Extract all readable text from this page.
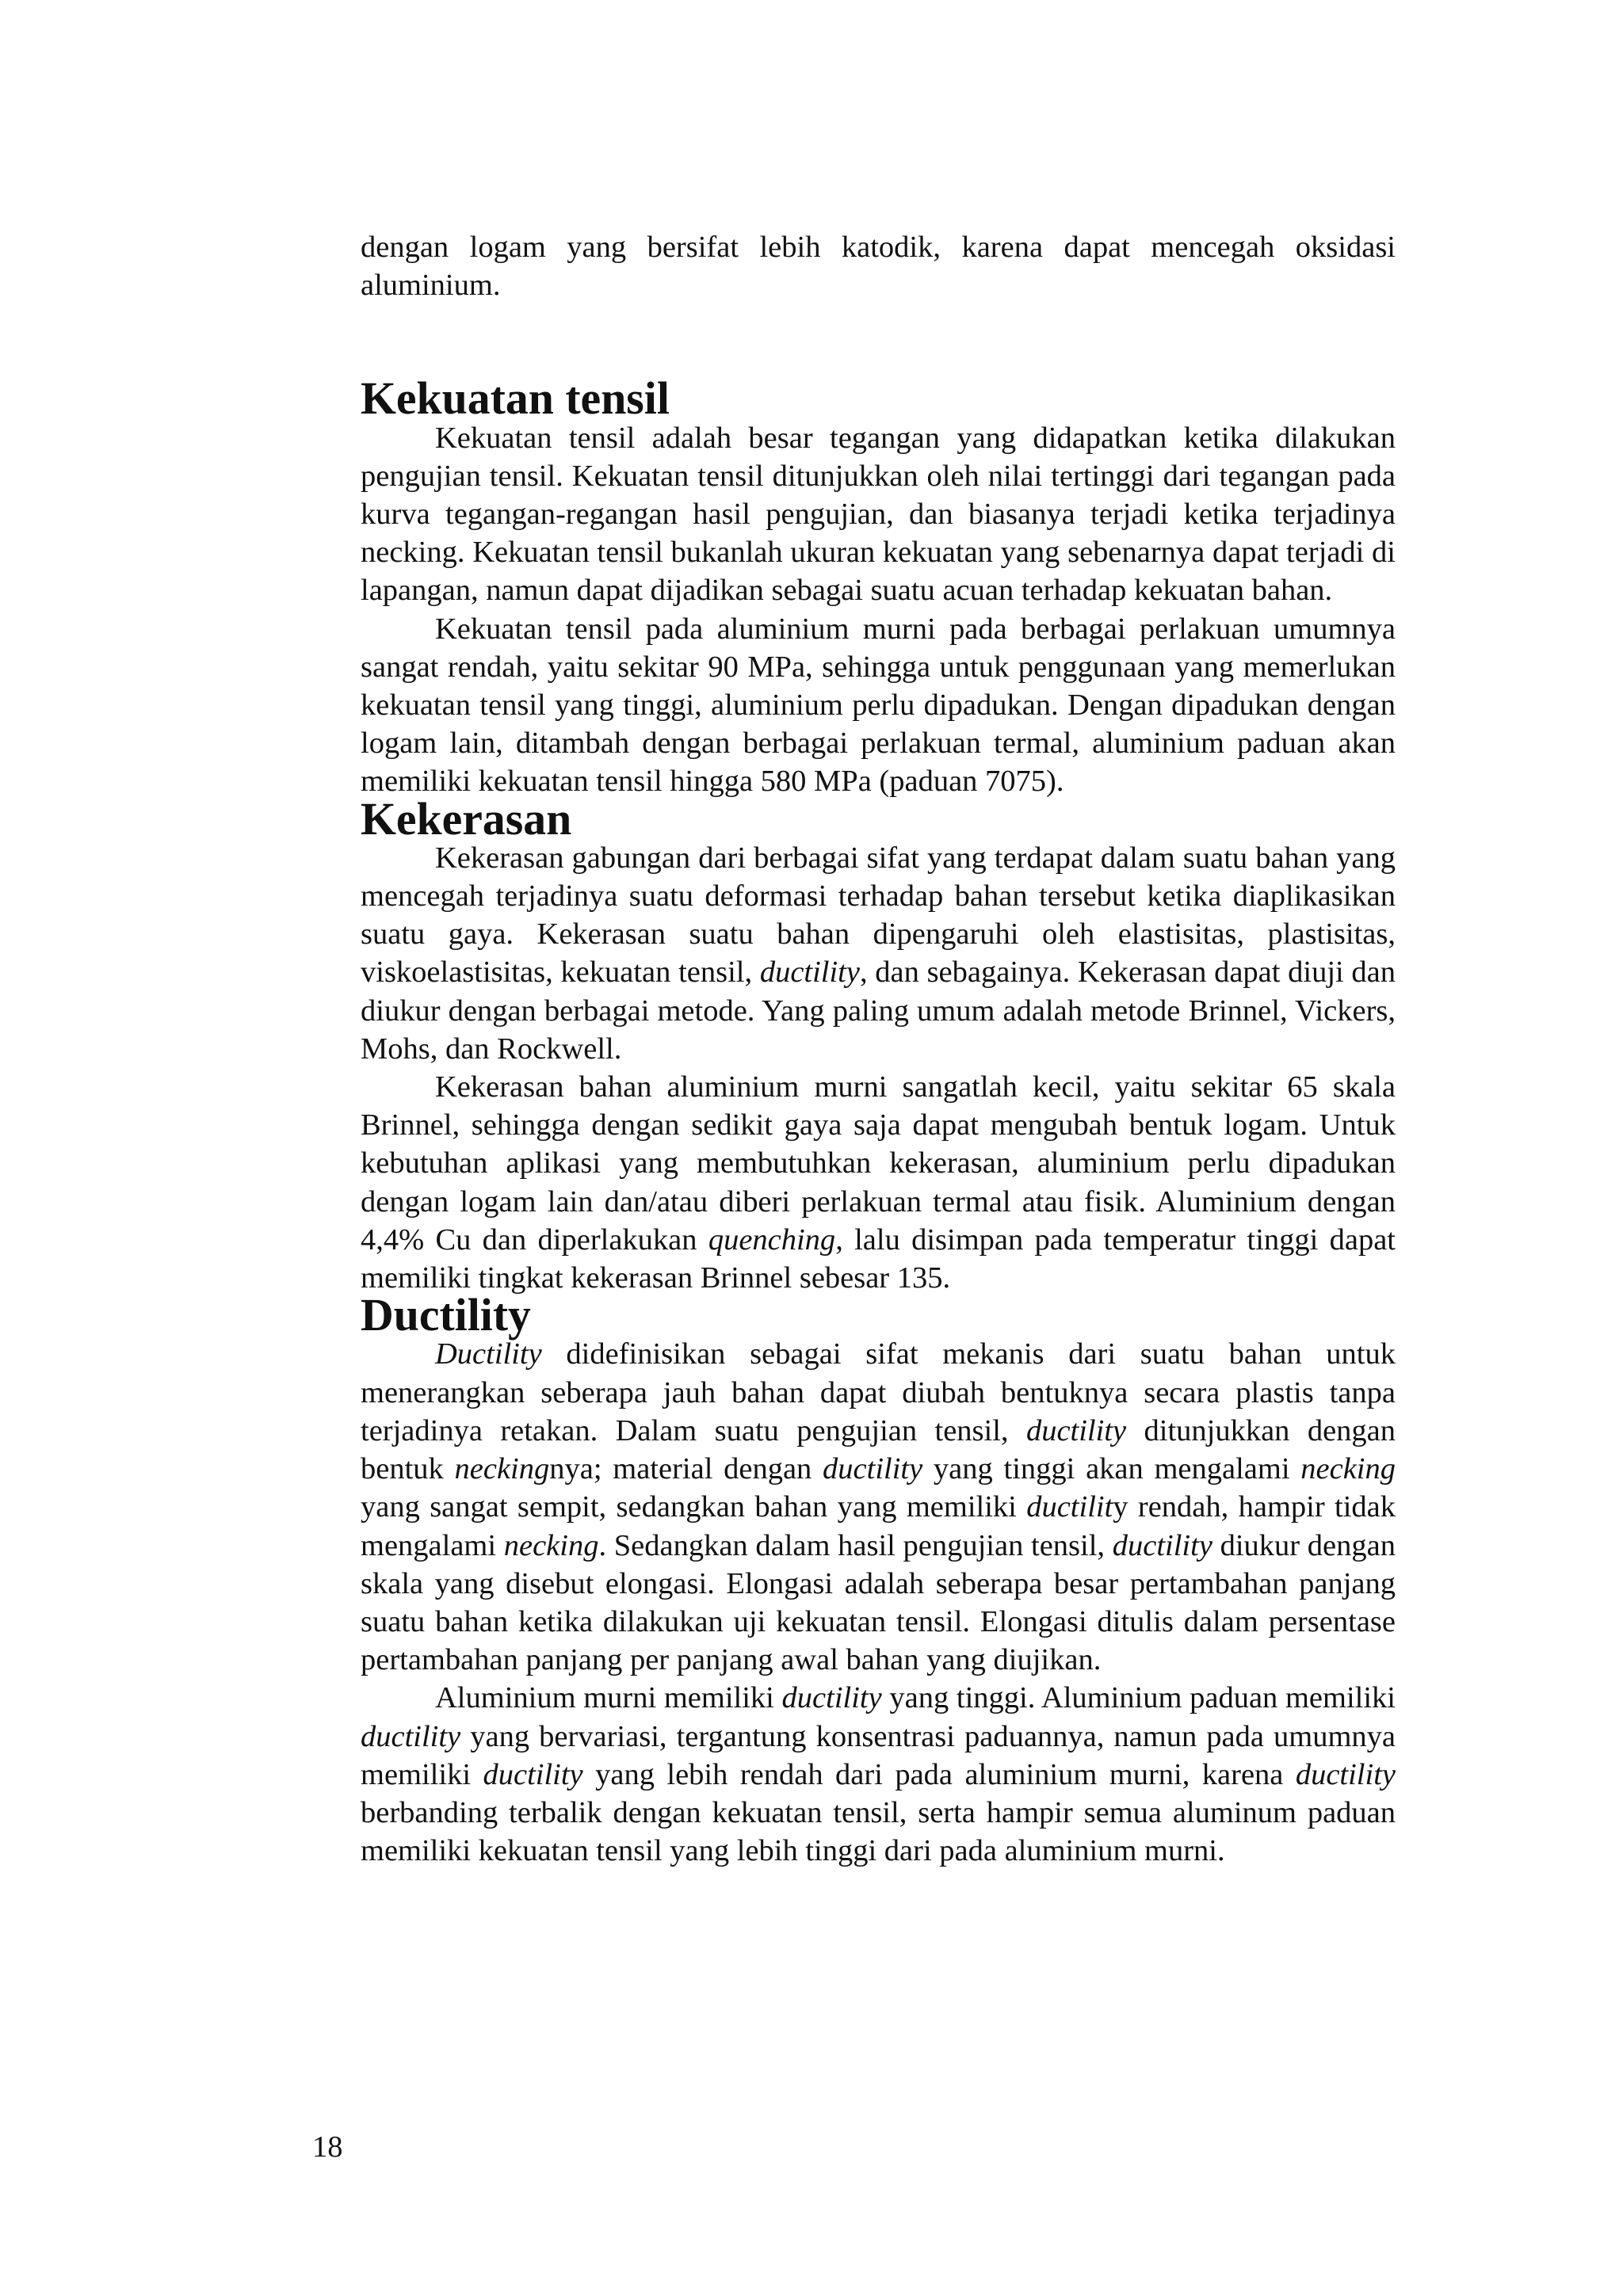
dengan logam yang bersifat lebih katodik, karena dapat mencegah oksidasi aluminium.

Kekuatan tensil

Kekuatan tensil adalah besar tegangan yang didapatkan ketika dilakukan pengujian tensil. Kekuatan tensil ditunjukkan oleh nilai tertinggi dari tegangan pada kurva tegangan-regangan hasil pengujian, dan biasanya terjadi ketika terjadinya necking. Kekuatan tensil bukanlah ukuran kekuatan yang sebenarnya dapat terjadi di lapangan, namun dapat dijadikan sebagai suatu acuan terhadap kekuatan bahan.

Kekuatan tensil pada aluminium murni pada berbagai perlakuan umumnya sangat rendah, yaitu sekitar 90 MPa, sehingga untuk penggunaan yang memerlukan kekuatan tensil yang tinggi, aluminium perlu dipadukan. Dengan dipadukan dengan logam lain, ditambah dengan berbagai perlakuan termal, aluminium paduan akan memiliki kekuatan tensil hingga 580 MPa (paduan 7075).

Kekerasan

Kekerasan gabungan dari berbagai sifat yang terdapat dalam suatu bahan yang mencegah terjadinya suatu deformasi terhadap bahan tersebut ketika diaplikasikan suatu gaya. Kekerasan suatu bahan dipengaruhi oleh elastisitas, plastisitas, viskoelastisitas, kekuatan tensil, ductility, dan sebagainya. Kekerasan dapat diuji dan diukur dengan berbagai metode. Yang paling umum adalah metode Brinnel, Vickers, Mohs, dan Rockwell.

Kekerasan bahan aluminium murni sangatlah kecil, yaitu sekitar 65 skala Brinnel, sehingga dengan sedikit gaya saja dapat mengubah bentuk logam. Untuk kebutuhan aplikasi yang membutuhkan kekerasan, aluminium perlu dipadukan dengan logam lain dan/atau diberi perlakuan termal atau fisik. Aluminium dengan 4,4% Cu dan diperlakukan quenching, lalu disimpan pada temperatur tinggi dapat memiliki tingkat kekerasan Brinnel sebesar 135.

Ductility

Ductility didefinisikan sebagai sifat mekanis dari suatu bahan untuk menerangkan seberapa jauh bahan dapat diubah bentuknya secara plastis tanpa terjadinya retakan. Dalam suatu pengujian tensil, ductility ditunjukkan dengan bentuk neckingnya; material dengan ductility yang tinggi akan mengalami necking yang sangat sempit, sedangkan bahan yang memiliki ductility rendah, hampir tidak mengalami necking. Sedangkan dalam hasil pengujian tensil, ductility diukur dengan skala yang disebut elongasi. Elongasi adalah seberapa besar pertambahan panjang suatu bahan ketika dilakukan uji kekuatan tensil. Elongasi ditulis dalam persentase pertambahan panjang per panjang awal bahan yang diujikan.

Aluminium murni memiliki ductility yang tinggi. Aluminium paduan memiliki ductility yang bervariasi, tergantung konsentrasi paduannya, namun pada umumnya memiliki ductility yang lebih rendah dari pada aluminium murni, karena ductility berbanding terbalik dengan kekuatan tensil, serta hampir semua aluminum paduan memiliki kekuatan tensil yang lebih tinggi dari pada aluminium murni.

18
